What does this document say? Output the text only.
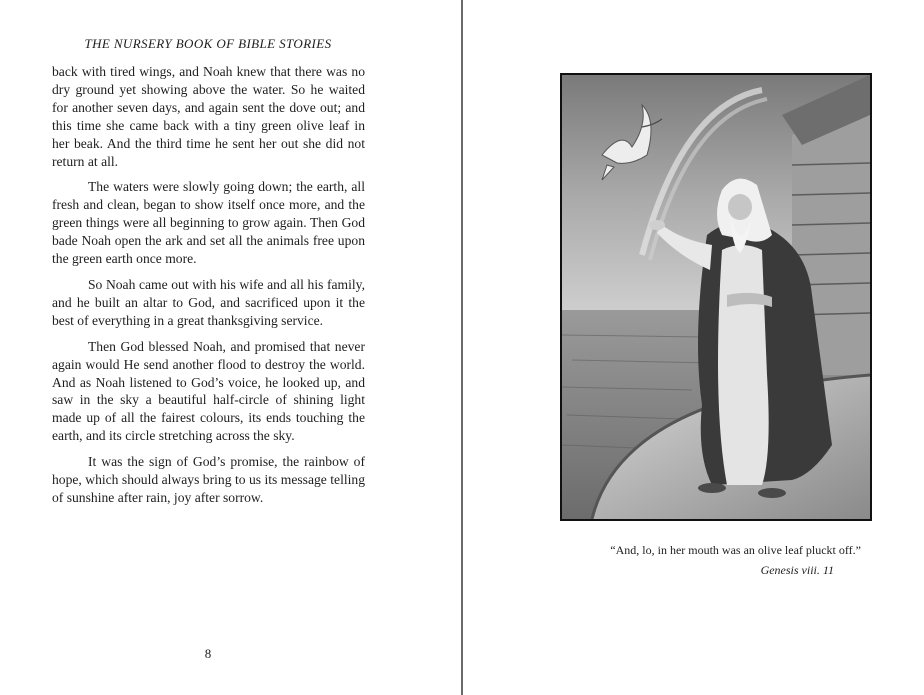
THE NURSERY BOOK OF BIBLE STORIES

back with tired wings, and Noah knew that there was no dry ground yet showing above the water. So he waited for another seven days, and again sent the dove out; and this time she came back with a tiny green olive leaf in her beak. And the third time he sent her out she did not return at all.

The waters were slowly going down; the earth, all fresh and clean, began to show itself once more, and the green things were all beginning to grow again. Then God bade Noah open the ark and set all the animals free upon the green earth once more.

So Noah came out with his wife and all his family, and he built an altar to God, and sacrificed upon it the best of everything in a great thanksgiving service.

Then God blessed Noah, and promised that never again would He send another flood to destroy the world. And as Noah listened to God’s voice, he looked up, and saw in the sky a beautiful half-circle of shining light made up of all the fairest colours, its ends touching the earth, and its circle stretching across the sky.

It was the sign of God’s promise, the rainbow of hope, which should always bring to us its message telling of sunshine after rain, joy after sorrow.

8
“And, lo, in her mouth was an olive leaf pluckt off.”
Genesis viii. 11
